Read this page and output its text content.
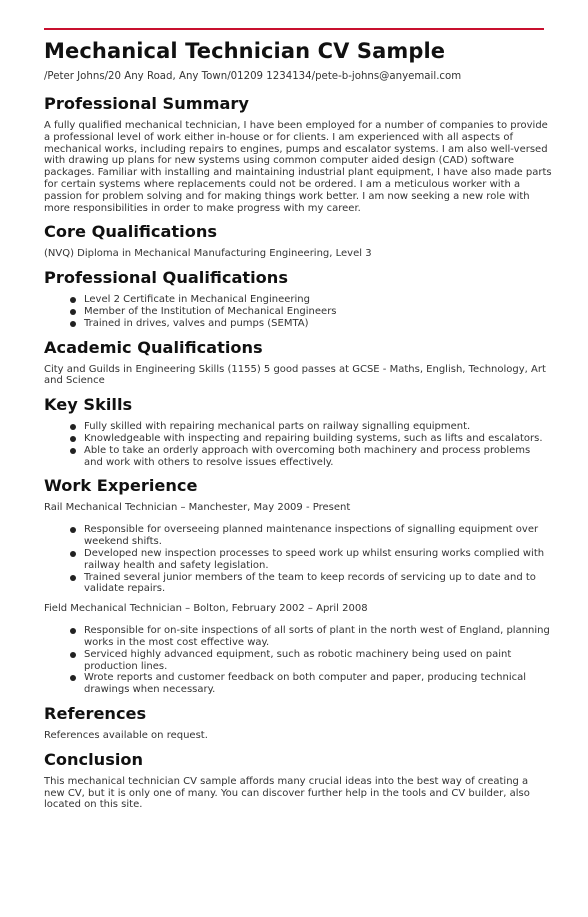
Mechanical Technician CV Sample
/Peter Johns/20 Any Road, Any Town/01209 1234134/pete-b-johns@anyemail.com
Professional Summary
A fully qualified mechanical technician, I have been employed for a number of companies to provide a professional level of work either in-house or for clients. I am experienced with all aspects of mechanical works, including repairs to engines, pumps and escalator systems. I am also well-versed with drawing up plans for new systems using common computer aided design (CAD) software packages. Familiar with installing and maintaining industrial plant equipment, I have also made parts for certain systems where replacements could not be ordered. I am a meticulous worker with a passion for problem solving and for making things work better. I am now seeking a new role with more responsibilities in order to make progress with my career.
Core Qualifications
(NVQ) Diploma in Mechanical Manufacturing Engineering, Level 3
Professional Qualifications
Level 2 Certificate in Mechanical Engineering
Member of the Institution of Mechanical Engineers
Trained in drives, valves and pumps (SEMTA)
Academic Qualifications
City and Guilds in Engineering Skills (1155) 5 good passes at GCSE - Maths, English, Technology, Art and Science
Key Skills
Fully skilled with repairing mechanical parts on railway signalling equipment.
Knowledgeable with inspecting and repairing building systems, such as lifts and escalators.
Able to take an orderly approach with overcoming both machinery and process problems and work with others to resolve issues effectively.
Work Experience
Rail Mechanical Technician – Manchester, May 2009 - Present
Responsible for overseeing planned maintenance inspections of signalling equipment over weekend shifts.
Developed new inspection processes to speed work up whilst ensuring works complied with railway health and safety legislation.
Trained several junior members of the team to keep records of servicing up to date and to validate repairs.
Field Mechanical Technician – Bolton, February 2002 – April 2008
Responsible for on-site inspections of all sorts of plant in the north west of England, planning works in the most cost effective way.
Serviced highly advanced equipment, such as robotic machinery being used on paint production lines.
Wrote reports and customer feedback on both computer and paper, producing technical drawings when necessary.
References
References available on request.
Conclusion
This mechanical technician CV sample affords many crucial ideas into the best way of creating a new CV, but it is only one of many. You can discover further help in the tools and CV builder, also located on this site.
